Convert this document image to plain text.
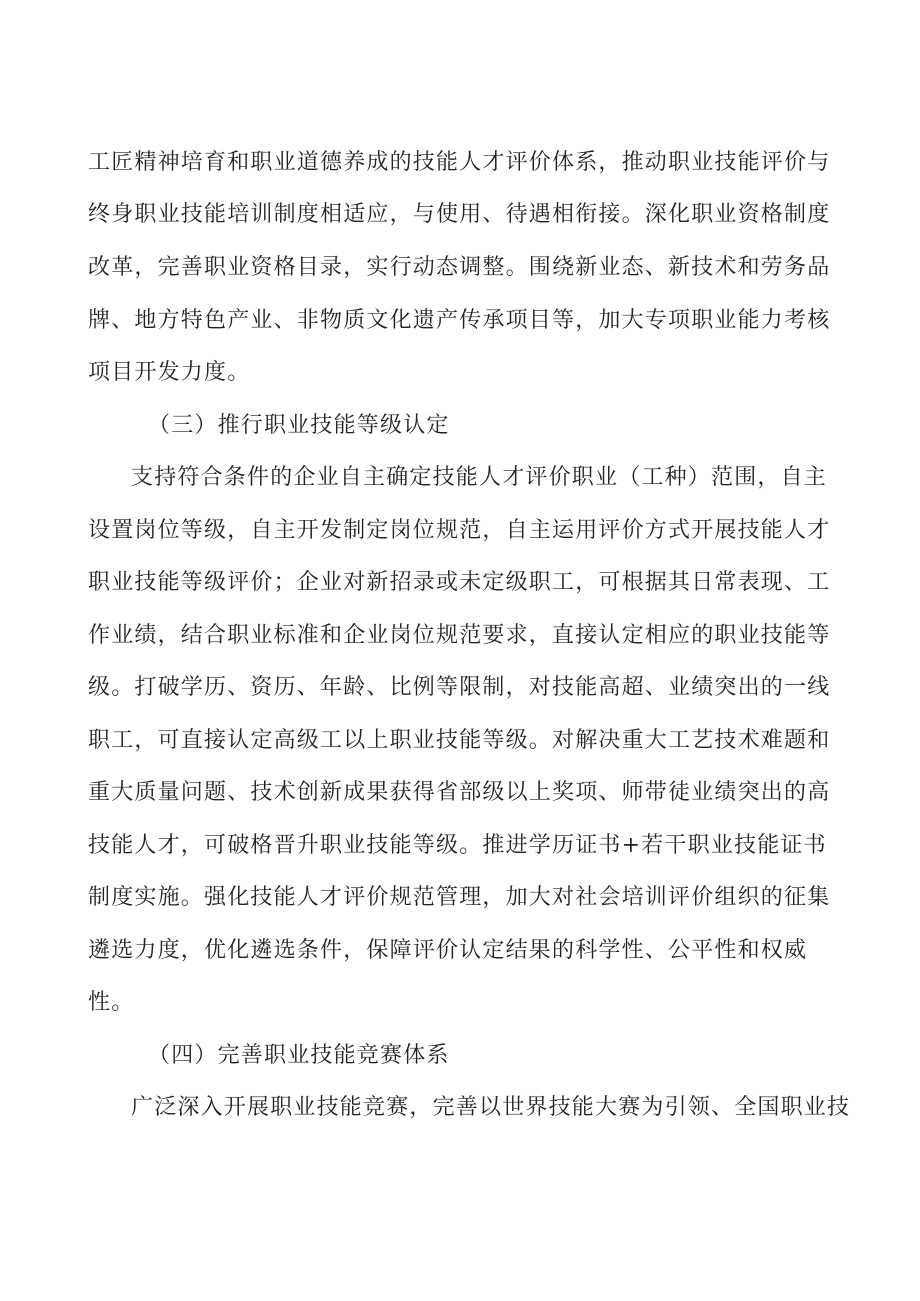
工匠精神培育和职业道德养成的技能人才评价体系，推动职业技能评价与
终身职业技能培训制度相适应，与使用、待遇相衔接。深化职业资格制度
改革，完善职业资格目录，实行动态调整。围绕新业态、新技术和劳务品
牌、地方特色产业、非物质文化遗产传承项目等，加大专项职业能力考核
项目开发力度。
（三）推行职业技能等级认定
支持符合条件的企业自主确定技能人才评价职业（工种）范围，自主
设置岗位等级，自主开发制定岗位规范，自主运用评价方式开展技能人才
职业技能等级评价；企业对新招录或未定级职工，可根据其日常表现、工
作业绩，结合职业标准和企业岗位规范要求，直接认定相应的职业技能等
级。打破学历、资历、年龄、比例等限制，对技能高超、业绩突出的一线
职工，可直接认定高级工以上职业技能等级。对解决重大工艺技术难题和
重大质量问题、技术创新成果获得省部级以上奖项、师带徒业绩突出的高
技能人才，可破格晋升职业技能等级。推进学历证书+若干职业技能证书
制度实施。强化技能人才评价规范管理，加大对社会培训评价组织的征集
遴选力度，优化遴选条件，保障评价认定结果的科学性、公平性和权威
性。
（四）完善职业技能竞赛体系
广泛深入开展职业技能竞赛，完善以世界技能大赛为引领、全国职业技
